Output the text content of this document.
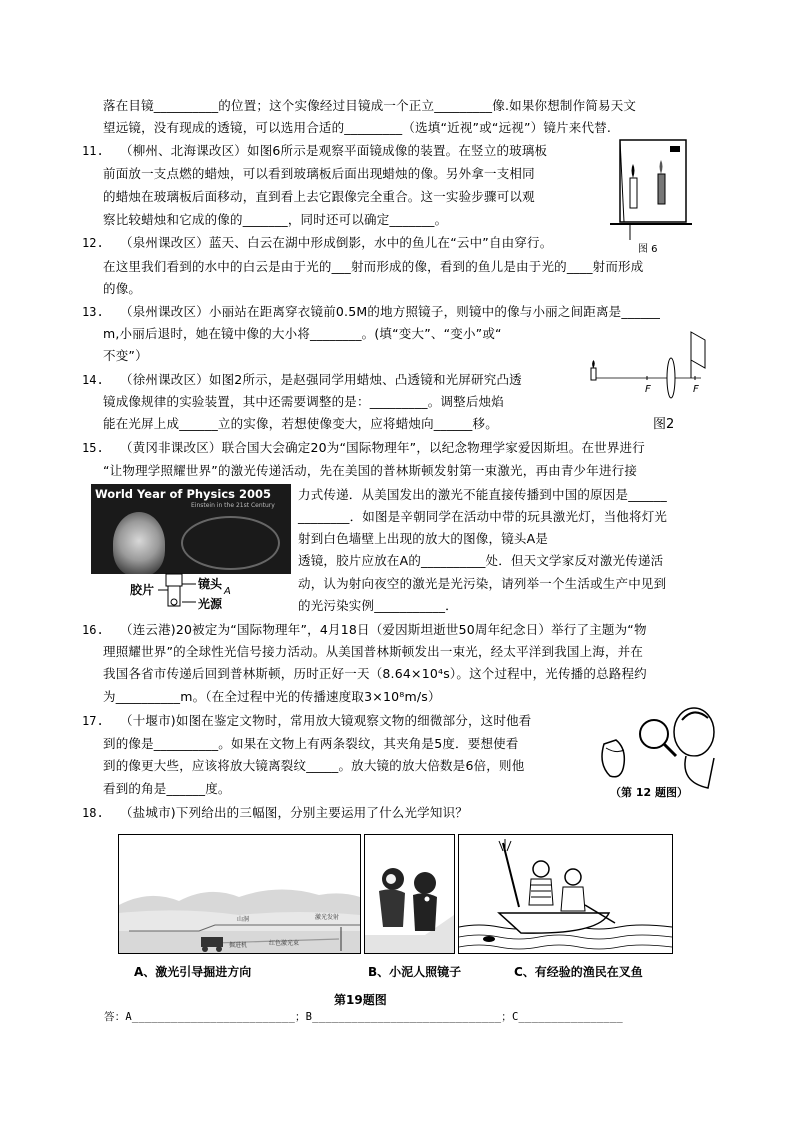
落在目镜__________的位置；这个实像经过目镜成一个正立_________像.如果你想制作简易天文
望远镜，没有现成的透镜，可以选用合适的_________（选填“近视”或“远视”）镜片来代替.
11. （柳州、北海课改区）如图6所示是观察平面镜成像的装置。在竖立的玻璃板
前面放一支点燃的蜡烛，可以看到玻璃板后面出现蜡烛的像。另外拿一支相同
的蜡烛在玻璃板后面移动，直到看上去它跟像完全重合。这一实验步骤可以观
察比较蜡烛和它成的像的_______，同时还可以确定_______。
12. （泉州课改区）蓝天、白云在湖中形成倒影，水中的鱼儿在“云中”自由穿行。
在这里我们看到的水中的白云是由于光的___射而形成的像，看到的鱼儿是由于光的____射而形成
的像。
13. （泉州课改区）小丽站在距离穿衣镜前0.5M的地方照镜子，则镜中的像与小丽之间距离是______
m,小丽后退时，她在镜中像的大小将________。(填“变大”、“变小”或“
不变”）
14. （徐州课改区）如图2所示，是赵强同学用蜡烛、凸透镜和光屏研究凸透
镜成像规律的实验装置，其中还需要调整的是：_________。调整后烛焰
能在光屏上成______立的实像，若想使像变大，应将蜡烛向______移。
15. （黄冈非课改区）联合国大会确定20为“国际物理年”，以纪念物理学家爱因斯坦。在世界进行
“让物理学照耀世界”的激光传递活动，先在美国的普林斯顿发射第一束激光，再由青少年进行接
力式传递．从美国发出的激光不能直接传播到中国的原因是______
________．如图是辛朝同学在活动中带的玩具激光灯，当他将灯光
射到白色墙壁上出现的放大的图像，镜头A是
透镜，胶片应放在A的__________处．但天文学家反对激光传递活
动，认为射向夜空的激光是光污染，请列举一个生活或生产中见到
的光污染实例___________．
16. （连云港)20被定为“国际物理年”，4月18日（爱因斯坦逝世50周年纪念日）举行了主题为“物
理照耀世界”的全球性光信号接力活动。从美国普林斯顿发出一束光，经太平洋到我国上海，并在
我国各省市传递后回到普林斯顿，历时正好一天（8.64×10⁴s）。这个过程中，光传播的总路程约
为__________m。（在全过程中光的传播速度取3×10⁸m/s）
17. （十堰市)如图在鉴定文物时，常用放大镜观察文物的细微部分，这时他看
到的像是__________。如果在文物上有两条裂纹，其夹角是5度．要想使看
到的像更大些，应该将放大镜离裂纹_____。放大镜的放大倍数是6倍，则他
看到的角是______度。
18. （盐城市)下列给出的三幅图，分别主要运用了什么光学知识？
图 6
F	F
图2
World Year of Physics 2005
Einstein in the 21st Century
胶片	镜头
A
光源
（第 12 题图）
山洞	激光发射
掘进机	红色激光束
A、激光引导掘进方向	B、小泥人照镜子	C、有经验的渔民在叉鱼
第19题图
答：A_________________________；B_____________________________；C________________
